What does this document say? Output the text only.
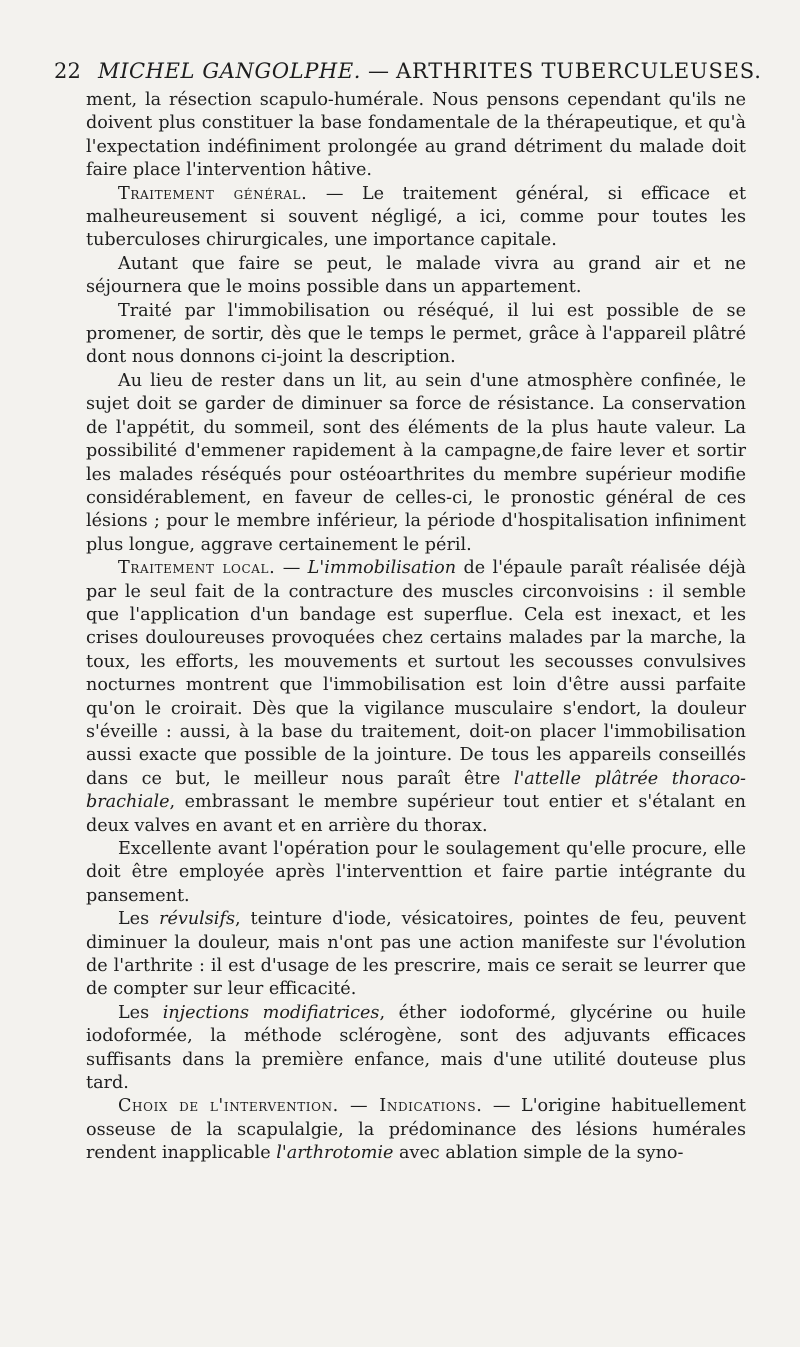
22 MICHEL GANGOLPHE. — ARTHRITES TUBERCULEUSES.

ment, la résection scapulo-humérale. Nous pensons cependant qu'ils ne doivent plus constituer la base fondamentale de la thérapeutique, et qu'à l'expectation indéfiniment prolongée au grand détriment du malade doit faire place l'intervention hâtive.

Traitement général. — Le traitement général, si efficace et malheureusement si souvent négligé, a ici, comme pour toutes les tuberculoses chirurgicales, une importance capitale.

Autant que faire se peut, le malade vivra au grand air et ne séjournera que le moins possible dans un appartement.

Traité par l'immobilisation ou réséqué, il lui est possible de se promener, de sortir, dès que le temps le permet, grâce à l'appareil plâtré dont nous donnons ci-joint la description.

Au lieu de rester dans un lit, au sein d'une atmosphère confinée, le sujet doit se garder de diminuer sa force de résistance. La conservation de l'appétit, du sommeil, sont des éléments de la plus haute valeur. La possibilité d'emmener rapidement à la campagne,de faire lever et sortir les malades réséqués pour ostéoarthrites du membre supérieur modifie considérablement, en faveur de celles-ci, le pronostic général de ces lésions ; pour le membre inférieur, la période d'hospitalisation infiniment plus longue, aggrave certainement le péril.

Traitement local. — L'immobilisation de l'épaule paraît réalisée déjà par le seul fait de la contracture des muscles circonvoisins : il semble que l'application d'un bandage est superflue. Cela est inexact, et les crises douloureuses provoquées chez certains malades par la marche, la toux, les efforts, les mouvements et surtout les secousses convulsives nocturnes montrent que l'immobilisation est loin d'être aussi parfaite qu'on le croirait. Dès que la vigilance musculaire s'endort, la douleur s'éveille : aussi, à la base du traitement, doit-on placer l'immobilisation aussi exacte que possible de la jointure. De tous les appareils conseillés dans ce but, le meilleur nous paraît être l'attelle plâtrée thoraco-brachiale, embrassant le membre supérieur tout entier et s'étalant en deux valves en avant et en arrière du thorax.

Excellente avant l'opération pour le soulagement qu'elle procure, elle doit être employée après l'interventtion et faire partie intégrante du pansement.

Les révulsifs, teinture d'iode, vésicatoires, pointes de feu, peuvent diminuer la douleur, mais n'ont pas une action manifeste sur l'évolution de l'arthrite : il est d'usage de les prescrire, mais ce serait se leurrer que de compter sur leur efficacité.

Les injections modifiatrices, éther iodoformé, glycérine ou huile iodoformée, la méthode sclérogène, sont des adjuvants efficaces suffisants dans la première enfance, mais d'une utilité douteuse plus tard.

Choix de l'intervention. — Indications. — L'origine habituellement osseuse de la scapulalgie, la prédominance des lésions humérales rendent inapplicable l'arthrotomie avec ablation simple de la syno-
